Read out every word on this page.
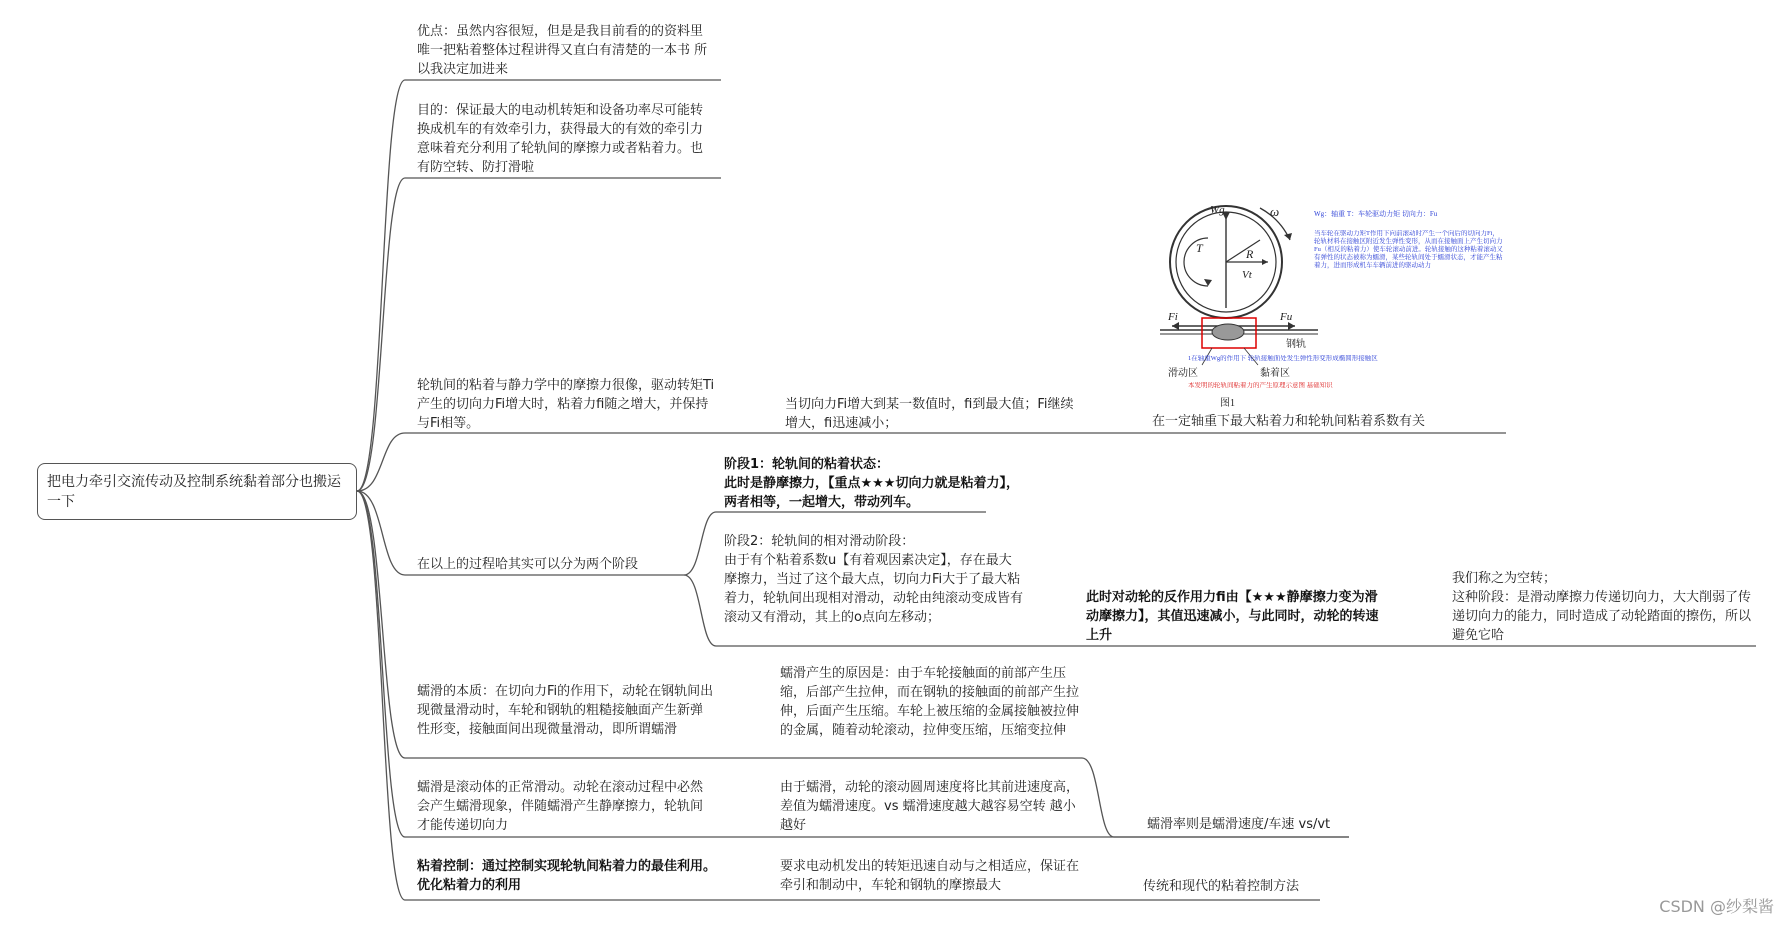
把电力牵引交流传动及控制系统黏着部分也搬运一下
优点：虽然内容很短，但是是我目前看的的资料里唯一把粘着整体过程讲得又直白有清楚的一本书 所以我决定加进来
目的：保证最大的电动机转矩和设备功率尽可能转换成机车的有效牵引力，获得最大的有效的牵引力意味着充分利用了轮轨间的摩擦力或者粘着力。也有防空转、防打滑啦
轮轨间的粘着与静力学中的摩擦力很像，驱动转矩Ti产生的切向力Fi增大时，粘着力fi随之增大，并保持与Fi相等。
在以上的过程哈其实可以分为两个阶段
蠕滑的本质：在切向力Fi的作用下，动轮在钢轨间出现微量滑动时，车轮和钢轨的粗糙接触面产生新弹性形变，接触面间出现微量滑动，即所谓蠕滑
蠕滑是滚动体的正常滑动。动轮在滚动过程中必然会产生蠕滑现象，伴随蠕滑产生静摩擦力，轮轨间才能传递切向力
粘着控制：通过控制实现轮轨间粘着力的最佳利用。优化粘着力的利用
当切向力Fi增大到某一数值时，fi到最大值；Fi继续增大，fi迅速减小；
阶段1：轮轨间的粘着状态：
此时是静摩擦力，【重点★★★切向力就是粘着力】，两者相等，一起增大，带动列车。
阶段2：轮轨间的相对滑动阶段：
由于有个粘着系数u【有着观因素决定】，存在最大摩擦力，当过了这个最大点，切向力Fi大于了最大粘着力，轮轨间出现相对滑动，动轮由纯滚动变成皆有滚动又有滑动，其上的o点向左移动；
蠕滑产生的原因是：由于车轮接触面的前部产生压缩，后部产生拉伸，而在钢轨的接触面的前部产生拉伸，后面产生压缩。车轮上被压缩的金属接触被拉伸的金属，随着动轮滚动，拉伸变压缩，压缩变拉伸
由于蠕滑，动轮的滚动圆周速度将比其前进速度高，差值为蠕滑速度。vs 蠕滑速度越大越容易空转 越小越好
要求电动机发出的转矩迅速自动与之相适应，保证在牵引和制动中，车轮和钢轨的摩擦最大
在一定轴重下最大粘着力和轮轨间粘着系数有关
此时对动轮的反作用力fi由【★★★静摩擦力变为滑动摩擦力】，其值迅速减小，与此同时，动轮的转速上升
蠕滑率则是蠕滑速度/车速 vs/vt
传统和现代的粘着控制方法
我们称之为空转；
这种阶段：是滑动摩擦力传递切向力，大大削弱了传递切向力的能力，同时造成了动轮踏面的擦伤，所以避免它哈
Wg	ω
T	R
Vt
Fi	Fu
钢轨
滑动区	黏着区
图1
Wg：轴重 T：车轮驱动力矩 切向力：Fu
当车轮在驱动力矩T作用下向前滚动时产生一个向后的切向力Fi，轮轨材料在接触区附近发生弹性变形，从而在接触面上产生切向力Fu（相反的粘着力）使车轮滚动前进。轮轨接触的这种粘着滚动又有弹性的状态被称为蠕滑，某些轮轨间处于蠕滑状态，才能产生粘着力，进而形成机车车辆前进的驱动动力
1在轴重Wg的作用下 轮轨接触面处发生弹性形变形成椭圆形接触区
本发明的轮轨间粘着力的产生原理示意图 基础知识
CSDN @纱梨酱
